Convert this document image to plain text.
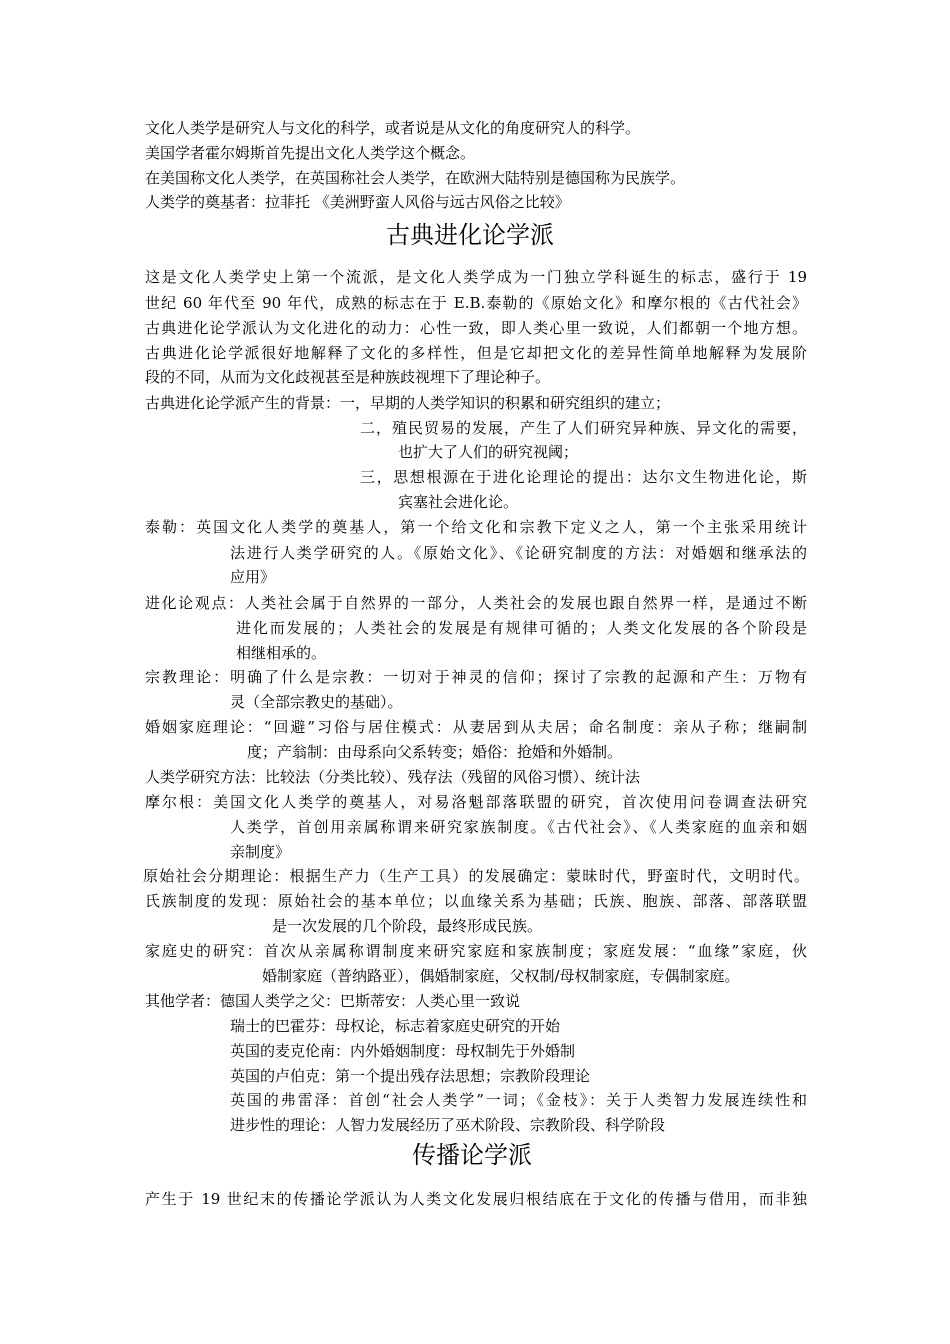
文化人类学是研究人与文化的科学，或者说是从文化的角度研究人的科学。
美国学者霍尔姆斯首先提出文化人类学这个概念。
在美国称文化人类学，在英国称社会人类学，在欧洲大陆特别是德国称为民族学。
人类学的奠基者：拉菲托 《美洲野蛮人风俗与远古风俗之比较》
古典进化论学派
这是文化人类学史上第一个流派，是文化人类学成为一门独立学科诞生的标志，盛行于 19
世纪 60 年代至 90 年代，成熟的标志在于 E.B.泰勒的《原始文化》和摩尔根的《古代社会》
古典进化论学派认为文化进化的动力：心性一致，即人类心里一致说，人们都朝一个地方想。
古典进化论学派很好地解释了文化的多样性，但是它却把文化的差异性简单地解释为发展阶
段的不同，从而为文化歧视甚至是种族歧视埋下了理论种子。
古典进化论学派产生的背景：一，早期的人类学知识的积累和研究组织的建立；
二，殖民贸易的发展，产生了人们研究异种族、异文化的需要，
也扩大了人们的研究视阈；
三，思想根源在于进化论理论的提出：达尔文生物进化论，斯
宾塞社会进化论。
泰勒：英国文化人类学的奠基人，第一个给文化和宗教下定义之人，第一个主张采用统计
法进行人类学研究的人。《原始文化》、《论研究制度的方法：对婚姻和继承法的
应用》
进化论观点：人类社会属于自然界的一部分，人类社会的发展也跟自然界一样，是通过不断
进化而发展的；人类社会的发展是有规律可循的；人类文化发展的各个阶段是
相继相承的。
宗教理论：明确了什么是宗教：一切对于神灵的信仰；探讨了宗教的起源和产生：万物有
灵（全部宗教史的基础）。
婚姻家庭理论：“回避”习俗与居住模式：从妻居到从夫居；命名制度：亲从子称；继嗣制
度；产翁制：由母系向父系转变；婚俗：抢婚和外婚制。
人类学研究方法：比较法（分类比较）、残存法（残留的风俗习惯）、统计法
摩尔根：美国文化人类学的奠基人，对易洛魁部落联盟的研究，首次使用问卷调查法研究
人类学，首创用亲属称谓来研究家族制度。《古代社会》、《人类家庭的血亲和姻
亲制度》
原始社会分期理论：根据生产力（生产工具）的发展确定：蒙昧时代，野蛮时代，文明时代。
氏族制度的发现：原始社会的基本单位；以血缘关系为基础；氏族、胞族、部落、部落联盟
是一次发展的几个阶段，最终形成民族。
家庭史的研究：首次从亲属称谓制度来研究家庭和家族制度；家庭发展：“血缘”家庭，伙
婚制家庭（普纳路亚），偶婚制家庭，父权制/母权制家庭，专偶制家庭。
其他学者：德国人类学之父：巴斯蒂安：人类心里一致说
瑞士的巴霍芬：母权论，标志着家庭史研究的开始
英国的麦克伦南：内外婚姻制度：母权制先于外婚制
英国的卢伯克：第一个提出残存法思想；宗教阶段理论
英国的弗雷泽：首创“社会人类学”一词；《金枝》：关于人类智力发展连续性和
进步性的理论：人智力发展经历了巫术阶段、宗教阶段、科学阶段
传播论学派
产生于 19 世纪末的传播论学派认为人类文化发展归根结底在于文化的传播与借用，而非独
